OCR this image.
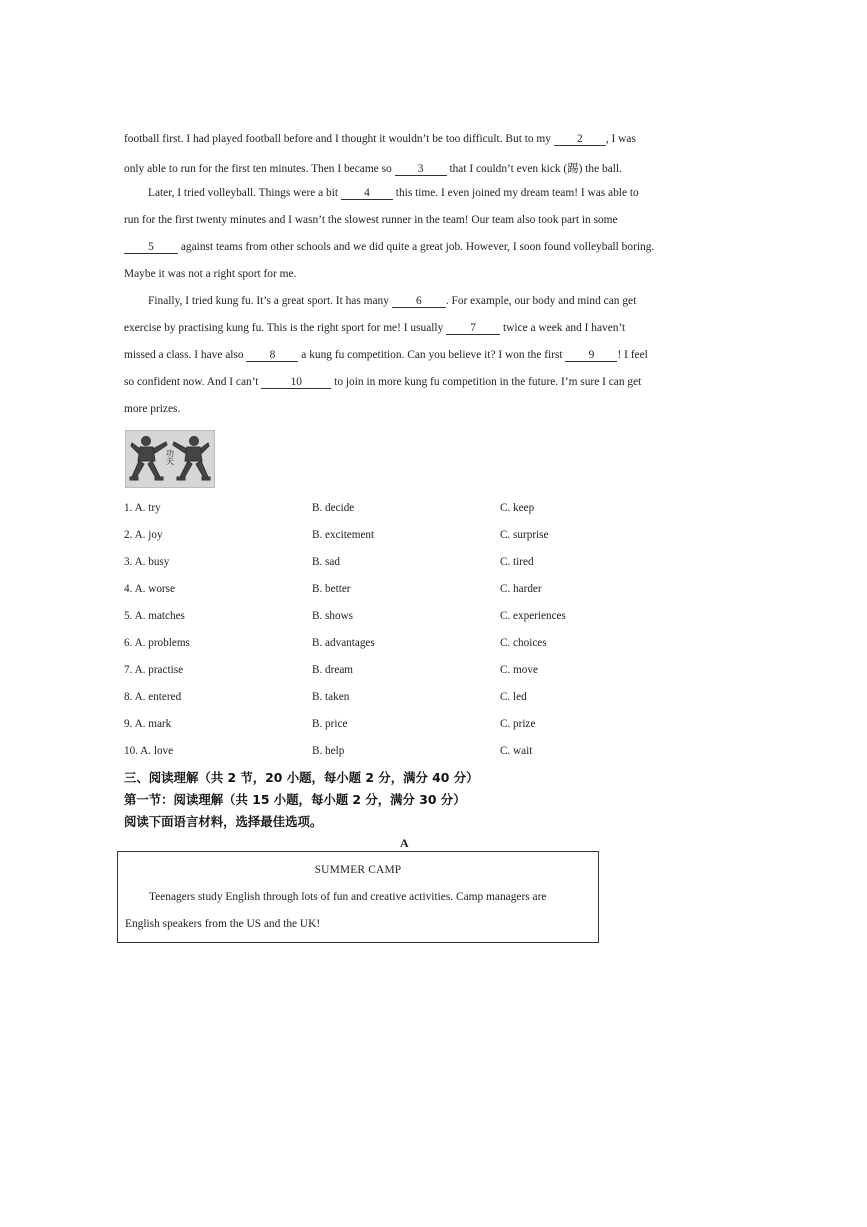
football first. I had played football before and I thought it wouldn’t be too difficult. But to my 2 , I was
only able to run for the first ten minutes. Then I became so 3 that I couldn’t even kick (踢) the ball.
Later, I tried volleyball. Things were a bit 4 this time. I even joined my dream team! I was able to
run for the first twenty minutes and I wasn’t the slowest runner in the team! Our team also took part in some
5 against teams from other schools and we did quite a great job. However, I soon found volleyball boring.
Maybe it was not a right sport for me.
Finally, I tried kung fu. It’s a great sport. It has many 6 . For example, our body and mind can get
exercise by practising kung fu. This is the right sport for me! I usually 7 twice a week and I haven’t
missed a class. I have also 8 a kung fu competition. Can you believe it? I won the first 9 ! I feel
so confident now. And I can’t	10	to join in more kung fu competition in the future. I’m sure I can get
more prizes.
功夫
1. A. try	B. decide	C. keep
2. A. joy	B. excitement	C. surprise
3. A. busy	B. sad	C. tired
4. A. worse	B. better	C. harder
5. A. matches	B. shows	C. experiences
6. A. problems	B. advantages	C. choices
7. A. practise	B. dream	C. move
8. A. entered	B. taken	C. led
9. A. mark	B. price	C. prize
10. A. love	B. help	C. wait
三、阅读理解（共 2 节，20 小题，每小题 2 分，满分 40 分）
第一节：阅读理解（共 15 小题，每小题 2 分，满分 30 分）
阅读下面语言材料，选择最佳选项。
A
SUMMER CAMP
Teenagers study English through lots of fun and creative activities. Camp managers are
English speakers from the US and the UK!
